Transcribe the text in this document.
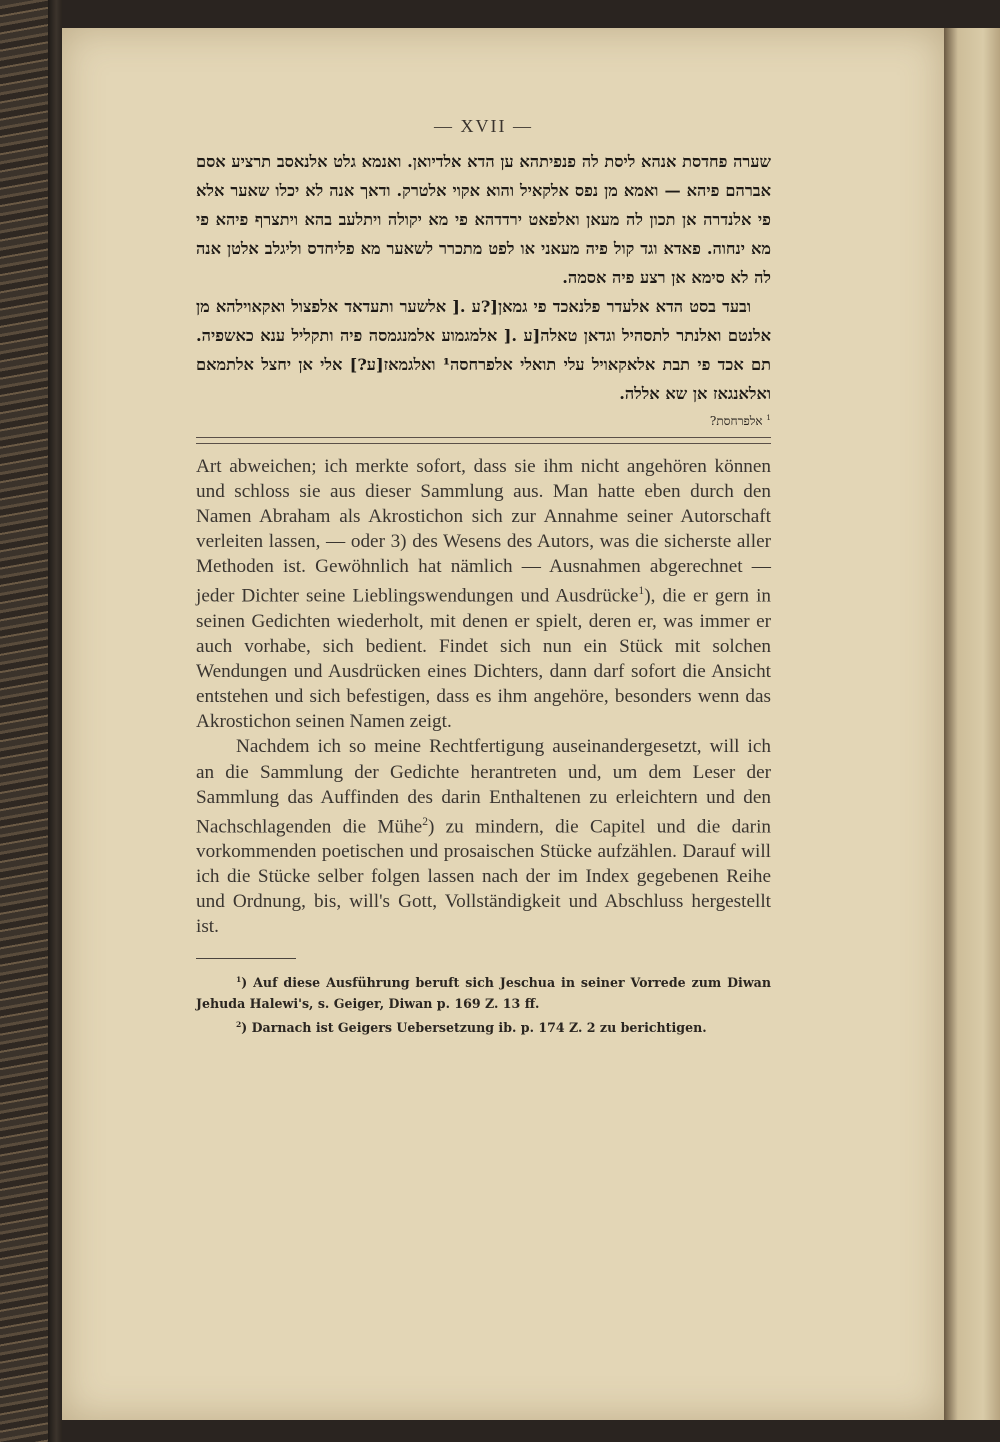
— XVII —

שערה פחדסת אנהא ליסת לה פנפיתהא ען הדא אלדיואן. ואנמא גלט אלנאסב תרציע אסם אברהם פיהא — ואמא מן נפס אלקאיל והוא אקוי אלטרק. ודאך אנה לא יכלו שאער אלא פי אלנדרה אן תכון לה מעאן ואלפאט ירדדהא פי מא יקולה ויתלעב בהא ויתצרף פיהא פי מא ינחוה. פאדא וגד קול פיה מעאני או לפט מתכרר לשאער מא פליחדס וליגלב אלטן אנה לה לא סימא אן רצע פיה אסמה.

ובעד בסט הדא אלעדר פלנאכד פי גמאן[?ע .[ אלשער ותעדאד אלפצול ואקאוילהא מן אלנטם ואלנתר לתסהיל וגדאן טאלה[ע .[ אלמגמוע אלמנגמסה פיה ותקליל ענא כאשפיה. תם אכד פי תבת אלאקאויל עלי תואלי אלפרחסה¹ ואלגמאז[ע?] אלי אן יחצל אלתמאם ואלאנגאז אן שא אללה.

$^1$ אלפרחסת?

Art abweichen; ich merkte sofort, dass sie ihm nicht angehören können und schloss sie aus dieser Sammlung aus. Man hatte eben durch den Namen Abraham als Akrostichon sich zur Annahme seiner Autorschaft verleiten lassen, — oder 3) des Wesens des Autors, was die sicherste aller Methoden ist. Gewöhnlich hat nämlich — Ausnahmen abgerechnet — jeder Dichter seine Lieblingswendungen und Ausdrücke$^1$), die er gern in seinen Gedichten wiederholt, mit denen er spielt, deren er, was immer er auch vorhabe, sich bedient. Findet sich nun ein Stück mit solchen Wendungen und Ausdrücken eines Dichters, dann darf sofort die Ansicht entstehen und sich befestigen, dass es ihm angehöre, besonders wenn das Akrostichon seinen Namen zeigt.

Nachdem ich so meine Rechtfertigung auseinandergesetzt, will ich an die Sammlung der Gedichte herantreten und, um dem Leser der Sammlung das Auffinden des darin Enthaltenen zu erleichtern und den Nachschlagenden die Mühe$^2$) zu mindern, die Capitel und die darin vorkommenden poetischen und prosaischen Stücke aufzählen. Darauf will ich die Stücke selber folgen lassen nach der im Index gegebenen Reihe und Ordnung, bis, will's Gott, Vollständigkeit und Abschluss hergestellt ist.

$^1$) Auf diese Ausführung beruft sich Jeschua in seiner Vorrede zum Diwan Jehuda Halewi's, s. Geiger, Diwan p. 169 Z. 13 ff.

$^2$) Darnach ist Geigers Uebersetzung ib. p. 174 Z. 2 zu berichtigen.
